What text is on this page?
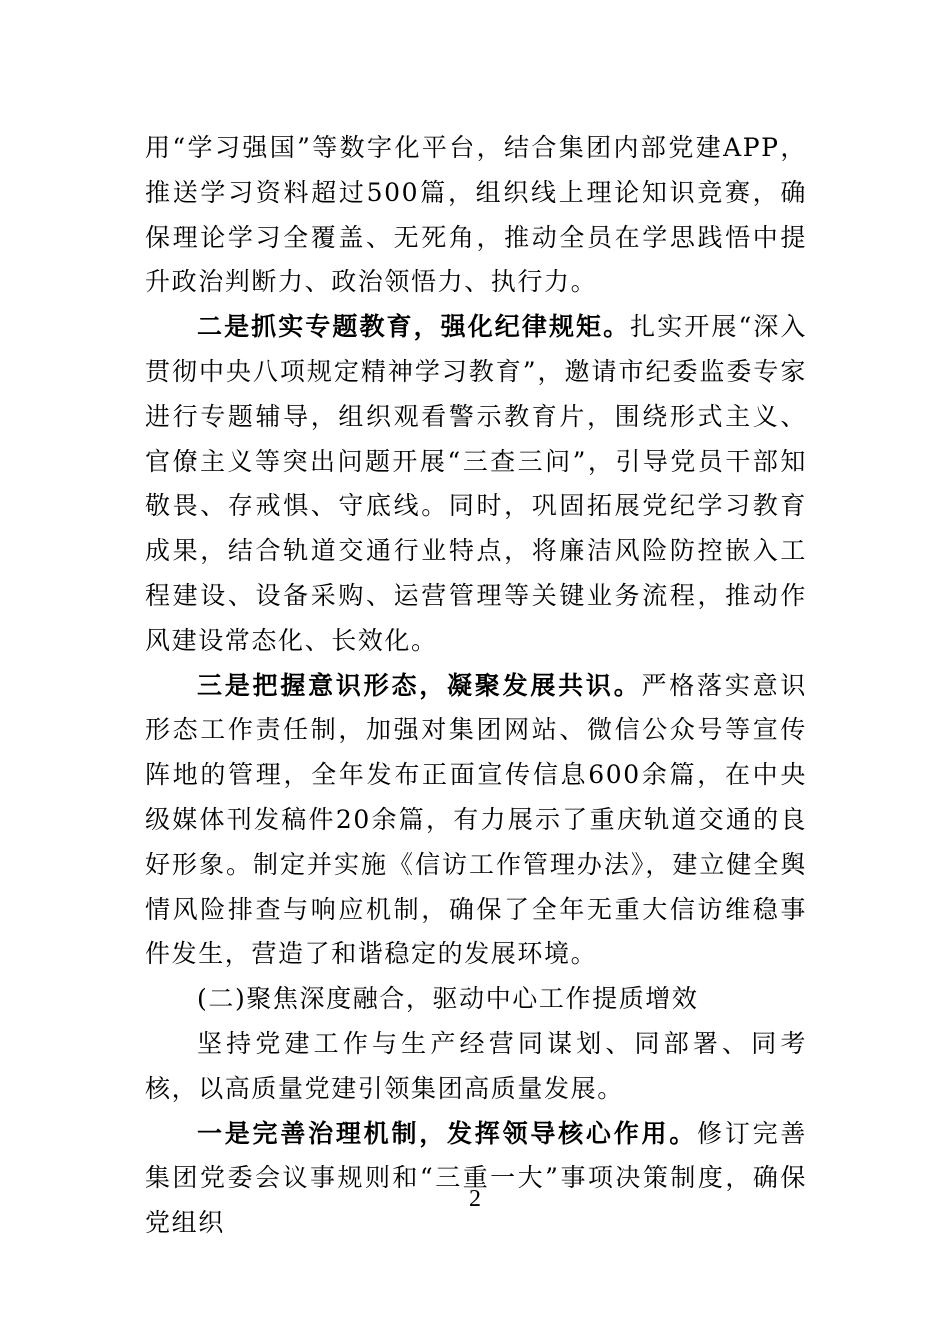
用“学习强国”等数字化平台，结合集团内部党建APP，推送学习资料超过500篇，组织线上理论知识竞赛，确保理论学习全覆盖、无死角，推动全员在学思践悟中提升政治判断力、政治领悟力、执行力。

二是抓实专题教育，强化纪律规矩。扎实开展“深入贯彻中央八项规定精神学习教育”，邀请市纪委监委专家进行专题辅导，组织观看警示教育片，围绕形式主义、官僚主义等突出问题开展“三查三问”，引导党员干部知敬畏、存戒惧、守底线。同时，巩固拓展党纪学习教育成果，结合轨道交通行业特点，将廉洁风险防控嵌入工程建设、设备采购、运营管理等关键业务流程，推动作风建设常态化、长效化。

三是把握意识形态，凝聚发展共识。严格落实意识形态工作责任制，加强对集团网站、微信公众号等宣传阵地的管理，全年发布正面宣传信息600余篇，在中央级媒体刊发稿件20余篇，有力展示了重庆轨道交通的良好形象。制定并实施《信访工作管理办法》，建立健全舆情风险排查与响应机制，确保了全年无重大信访维稳事件发生，营造了和谐稳定的发展环境。

(二)聚焦深度融合，驱动中心工作提质增效

坚持党建工作与生产经营同谋划、同部署、同考核，以高质量党建引领集团高质量发展。

一是完善治理机制，发挥领导核心作用。修订完善集团党委会议事规则和“三重一大”事项决策制度，确保党组织

2
